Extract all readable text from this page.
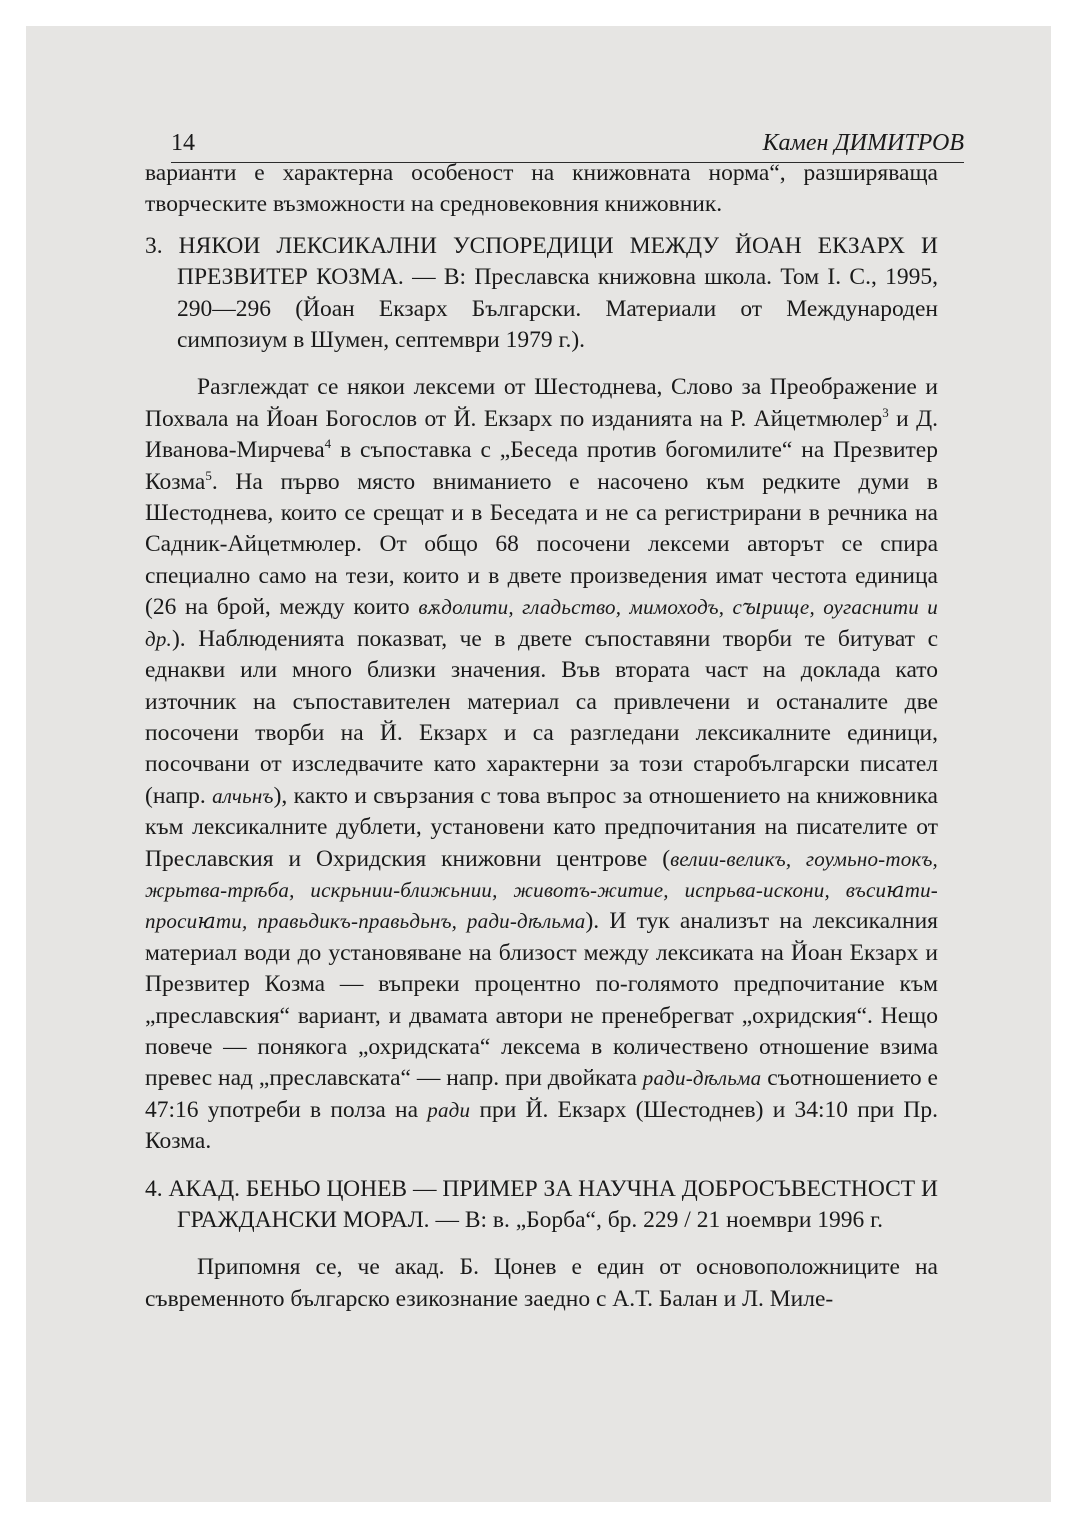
14	Камен ДИМИТРОВ

варианти е характерна особеност на книжовната норма“, разширяваща творческите възможности на средновековния книжовник.

3. НЯКОИ ЛЕКСИКАЛНИ УСПОРЕДИЦИ МЕЖДУ ЙОАН ЕКЗАРХ И ПРЕЗВИТЕР КОЗМА. — В: Преславска книжовна школа. Том I. С., 1995, 290—296 (Йоан Екзарх Български. Материали от Международен симпозиум в Шумен, септември 1979 г.).

Разглеждат се някои лексеми от Шестоднева, Слово за Преображение и Похвала на Йоан Богослов от Й. Екзарх по изданията на Р. Айцетмюлер$^3$ и Д. Иванова-Мирчева$^4$ в съпоставка с „Беседа против богомилите“ на Презвитер Козма$^5$. На първо място вниманието е насочено към редките думи в Шестоднева, които се срещат и в Беседата и не са регистрирани в речника на Садник-Айцетмюлер. От общо 68 посочени лексеми авторът се спира специално само на тези, които и в двете произведения имат честота единица (26 на брой, между които вѫдолити, гладьство, мимоходъ, сꙑрище, оугаснити и др.). Наблюденията показват, че в двете съпоставяни творби те битуват с еднакви или много близки значения. Във втората част на доклада като източник на съпоставителен материал са привлечени и останалите две посочени творби на Й. Екзарх и са разгледани лексикалните единици, посочвани от изследвачите като характерни за този старобългарски писател (напр. алчьнъ), както и свързания с това въпрос за отношението на книжовника към лексикалните дублети, установени като предпочитания на писателите от Преславския и Охридския книжовни центрове (велии-великъ, гоумьно-токъ, жрьтва-трѣба, искрьнии-ближьнии, животъ-житие, испрьва-искони, въсиꙗти-просиꙗти, правьдикъ-правьдьнъ, ради-дѣльма). И тук анализът на лексикалния материал води до установяване на близост между лексиката на Йоан Екзарх и Презвитер Козма — въпреки процентно по-голямото предпочитание към „преславския“ вариант, и двамата автори не пренебрегват „охридския“. Нещо повече — понякога „охридската“ лексема в количествено отношение взима превес над „преславската“ — напр. при двойката ради-дѣльма съотношението е 47:16 употреби в полза на ради при Й. Екзарх (Шестоднев) и 34:10 при Пр. Козма.

4. АКАД. БЕНЬО ЦОНЕВ — ПРИМЕР ЗА НАУЧНА ДОБРОСЪВЕСТНОСТ И ГРАЖДАНСКИ МОРАЛ. — В: в. „Борба“, бр. 229 / 21 ноември 1996 г.

Припомня се, че акад. Б. Цонев е един от основоположниците на съвременното българско езикознание заедно с А.Т. Балан и Л. Миле-
